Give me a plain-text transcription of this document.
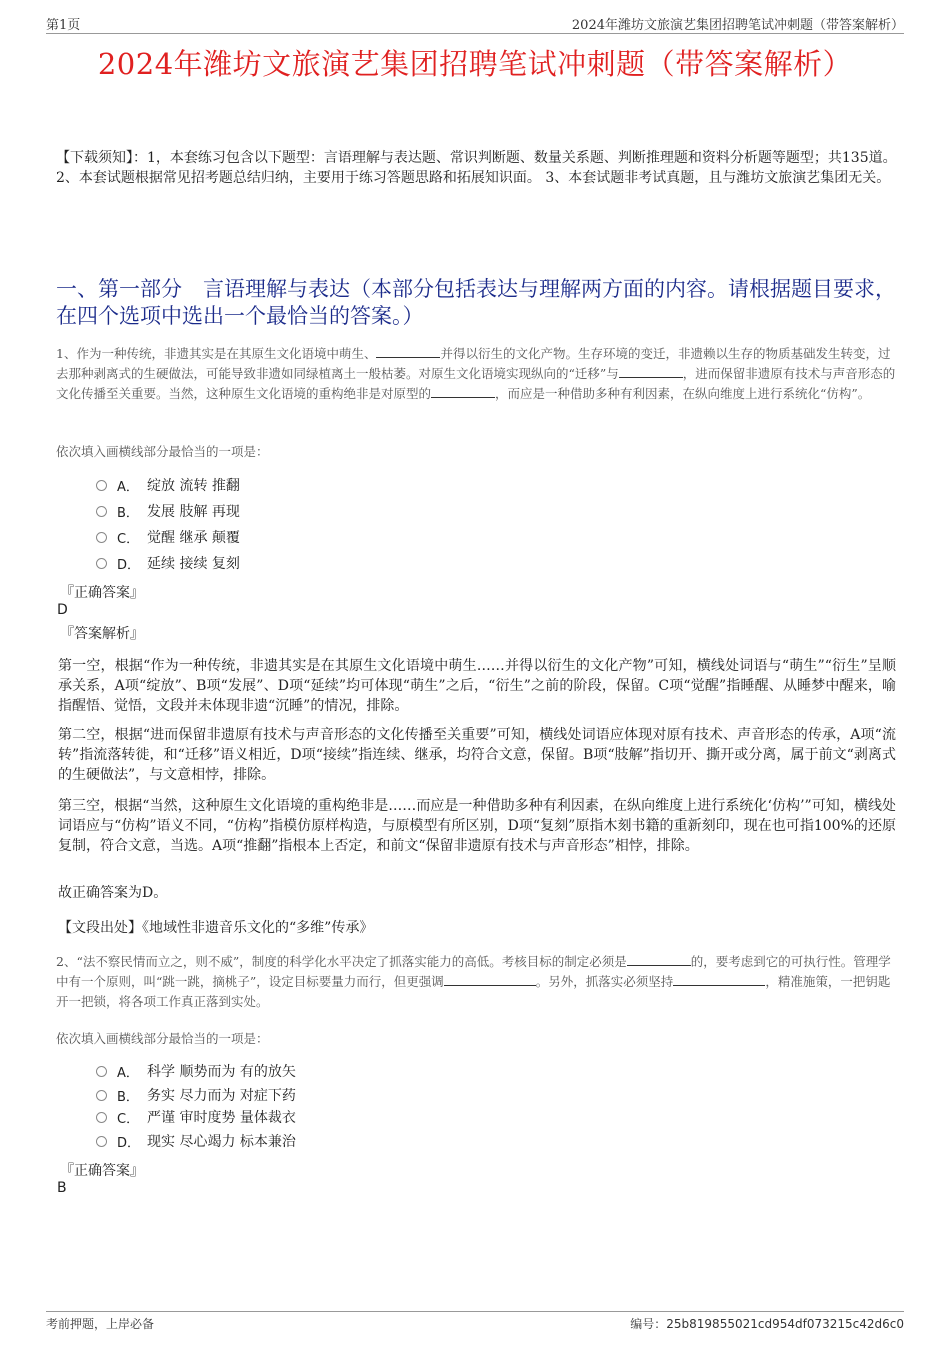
第1页	2024年潍坊文旅演艺集团招聘笔试冲刺题（带答案解析）
2024年潍坊文旅演艺集团招聘笔试冲刺题（带答案解析）
【下载须知】：1，本套练习包含以下题型：言语理解与表达题、常识判断题、数量关系题、判断推理题和资料分析题等题型；共135道。 2、本套试题根据常见招考题总结归纳，主要用于练习答题思路和拓展知识面。 3、本套试题非考试真题，且与潍坊文旅演艺集团无关。
一、第一部分　言语理解与表达（本部分包括表达与理解两方面的内容。请根据题目要求，在四个选项中选出一个最恰当的答案。）
1、作为一种传统，非遗其实是在其原生文化语境中萌生、	并得以衍生的文化产物。生存环境的变迁，非遗赖以生存的物质基础发生转变，过去那种剥离式的生硬做法，可能导致非遗如同绿植离土一般枯萎。对原生文化语境实现纵向的“迁移”与	，进而保留非遗原有技术与声音形态的文化传播至关重要。当然，这种原生文化语境的重构绝非是对原型的	，而应是一种借助多种有利因素，在纵向维度上进行系统化“仿构”。
依次填入画横线部分最恰当的一项是：
A． 绽放 流转 推翻
B． 发展 肢解 再现
C． 觉醒 继承 颠覆
D． 延续 接续 复刻
『正确答案』
D
『答案解析』
第一空，根据“作为一种传统，非遗其实是在其原生文化语境中萌生……并得以衍生的文化产物”可知，横线处词语与“萌生”“衍生”呈顺承关系，A项“绽放”、B项“发展”、D项“延续”均可体现“萌生”之后，“衍生”之前的阶段，保留。C项“觉醒”指睡醒、从睡梦中醒来，喻指醒悟、觉悟，文段并未体现非遗“沉睡”的情况，排除。
第二空，根据“进而保留非遗原有技术与声音形态的文化传播至关重要”可知，横线处词语应体现对原有技术、声音形态的传承，A项“流转”指流落转徙，和“迁移”语义相近，D项“接续”指连续、继承，均符合文意，保留。B项“肢解”指切开、撕开或分离，属于前文“剥离式的生硬做法”，与文意相悖，排除。
第三空，根据“当然，这种原生文化语境的重构绝非是……而应是一种借助多种有利因素，在纵向维度上进行系统化‘仿构’”可知，横线处词语应与“仿构”语义不同，“仿构”指模仿原样构造，与原模型有所区别，D项“复刻”原指木刻书籍的重新刻印，现在也可指100%的还原复制，符合文意，当选。A项“推翻”指根本上否定，和前文“保留非遗原有技术与声音形态”相悖，排除。
故正确答案为D。
【文段出处】《地域性非遗音乐文化的“多维”传承》
2、“法不察民情而立之，则不威”，制度的科学化水平决定了抓落实能力的高低。考核目标的制定必须是	的，要考虑到它的可执行性。管理学中有一个原则，叫“跳一跳，摘桃子”，设定目标要量力而行，但更强调	。另外，抓落实必须坚持	，精准施策，一把钥匙开一把锁，将各项工作真正落到实处。
依次填入画横线部分最恰当的一项是：
A． 科学 顺势而为 有的放矢
B． 务实 尽力而为 对症下药
C． 严谨 审时度势 量体裁衣
D． 现实 尽心竭力 标本兼治
『正确答案』
B
考前押题，上岸必备	编号：25b819855021cd954df073215c42d6c0
